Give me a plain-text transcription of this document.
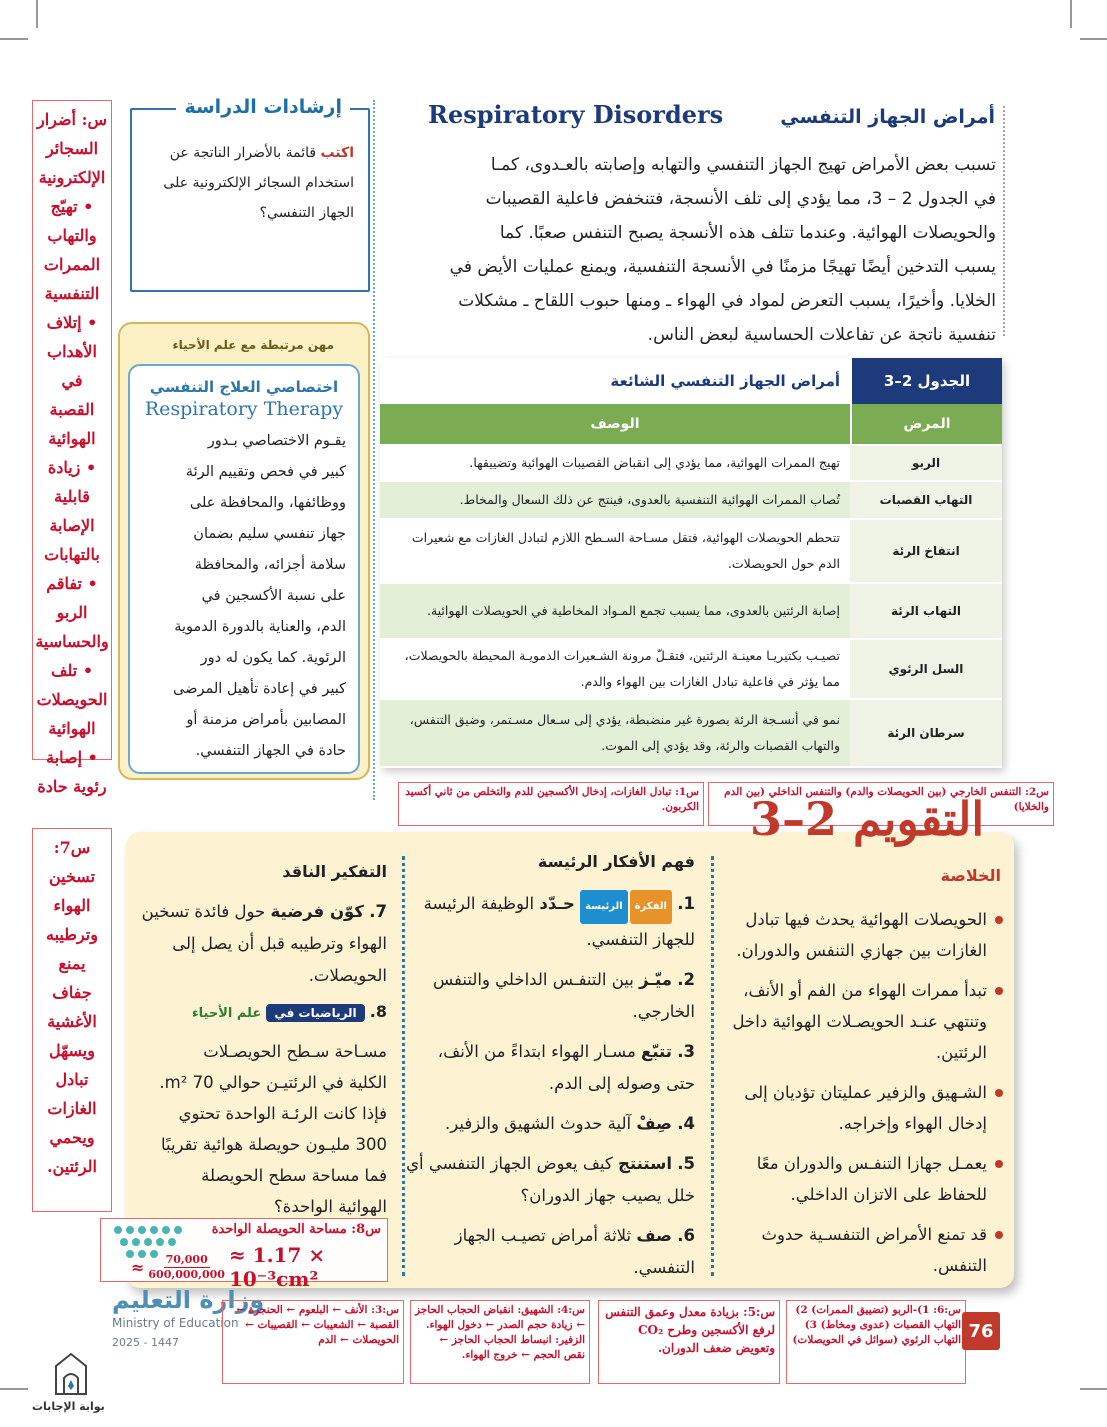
أمراض الجهاز التنفسي
Respiratory Disorders
تسبب بعض الأمراض تهيج الجهاز التنفسي والتهابه وإصابته بالعـدوى، كمـا
في الجدول 2 – 3، مما يؤدي إلى تلف الأنسجة، فتنخفض فاعلية القصيبات
والحويصلات الهوائية. وعندما تتلف هذه الأنسجة يصبح التنفس صعبًا. كما
يسبب التدخين أيضًا تهيجًا مزمنًا في الأنسجة التنفسية، ويمنع عمليات الأيض في
الخلايا. وأخيرًا، يسبب التعرض لمواد في الهواء ـ ومنها حبوب اللقاح ـ مشكلات
تنفسية ناتجة عن تفاعلات الحساسية لبعض الناس.
إرشادات الدراسة
اكتب قائمة بالأضرار الناتجة عن
استخدام السجائر الإلكترونية على
الجهاز التنفسي؟
مهن مرتبطة مع علم الأحياء
اختصاصي العلاج التنفسي
Respiratory Therapy
يقـوم الاختصاصي بـدور
كبير في فحص وتقييم الرئة
ووظائفها، والمحافظة على
جهاز تنفسي سليم بضمان
سلامة أجزائه، والمحافظة
على نسبة الأكسجين في
الدم، والعناية بالدورة الدموية
الرئوية. كما يكون له دور
كبير في إعادة تأهيل المرضى
المصابين بأمراض مزمنة أو
حادة في الجهاز التنفسي.
س: أضرار
السجائر
الإلكترونية
• تهيّج
والتهاب
الممرات
التنفسية
• إتلاف
الأهداب في
القصبة
الهوائية
• زيادة
قابلية
الإصابة
بالتهابات
• تفاقم
الربو
والحساسية
• تلف
الحويصلات
الهوائية
• إصابة
رئوية حادة
الجدول 2–3
أمراض الجهاز التنفسي الشائعة
المرض
الوصف
الربو
تهيج الممرات الهوائية، مما يؤدي إلى انقباض القصيبات الهوائية وتضييقها.
التهاب القصبات
تُصاب الممرات الهوائية التنفسية بالعدوى، فينتج عن ذلك السعال والمخاط.
انتفاخ الرئة
تتحطم الحويصلات الهوائية، فتقل مسـاحة السـطح اللازم لتبادل الغازات مع شعيرات الدم حول الحويصلات.
التهاب الرئة
إصابة الرئتين بالعدوى، مما يسبب تجمع المـواد المخاطية في الحويصلات الهوائية.
السل الرئوي
تصيـب بكتيريـا معينـة الرئتين، فتقـلّ مرونة الشـعيرات الدمويـة المحيطة بالحويصلات، مما يؤثر في فاعلية تبادل الغازات بين الهواء والدم.
سرطان الرئة
نمو في أنسـجة الرئة بصورة غير منضبطة، يؤدي إلى سـعال مسـتمر، وضيق التنفس، والتهاب القصبات والرئة، وقد يؤدي إلى الموت.
س1: تبادل الغازات، إدخال الأكسجين للدم والتخلص من ثاني أكسيد الكربون.
س2: التنفس الخارجي (بين الحويصلات والدم) والتنفس الداخلي (بين الدم والخلايا)
التقويم 2–3
الخلاصة
الحويصلات الهوائية يحدث فيها تبادل الغازات بين جهازي التنفس والدوران.
تبدأ ممرات الهواء من الفم أو الأنف، وتنتهي عنـد الحويصـلات الهوائية داخل الرئتين.
الشـهيق والزفير عمليتان تؤديان إلى إدخال الهواء وإخراجه.
يعمـل جهازا التنفـس والدوران معًا للحفاظ على الاتزان الداخلي.
قد تمنع الأمراض التنفسـية حدوث التنفس.
فهم الأفكار الرئيسة
1. الفكرةالرئيسة حـدّد الوظيفة الرئيسة للجهاز التنفسي.
2. ميّـز بين التنفـس الداخلي والتنفس الخارجي.
3. تتبّع مسـار الهواء ابتداءً من الأنف، حتى وصوله إلى الدم.
4. صِفْ آلية حدوث الشهيق والزفير.
5. استنتج كيف يعوض الجهاز التنفسي أي خلل يصيب جهاز الدوران؟
6. صف ثلاثة أمراض تصيـب الجهاز التنفسي.
التفكير الناقد
7. كوّن فرضية حول فائدة تسخين الهواء وترطيبه قبل أن يصل إلى الحويصلات.
8. الرياضيات في علم الأحياء
مسـاحة سـطح الحويصـلات
الكلية في الرئتيـن حوالي 70 m².
فإذا كانت الرئـة الواحدة تحتوي
300 مليـون حويصلة هوائية تقريبًا
فما مساحة سطح الحويصلة
الهوائية الواحدة؟
س7:
تسخين
الهواء
وترطيبه
يمنع
جفاف
الأغشية
ويسهّل
تبادل
الغازات
ويحمي
الرئتين.
س8: مساحة الحويصلة الواحدة
≈ $\frac{70,000}{600,000,000} \approx 1.17 \times 10^{-3}cm^2$
وزارة التعليم
Ministry of Education
2025 - 1447
س:3: الأنف ← البلعوم ← الحنجرة ← القصبة ← الشعيبات ← القصيبات ← الحويصلات ← الدم
س:4: الشهيق: انقباض الحجاب الحاجز ← زيادة حجم الصدر ← دخول الهواء. الزفير: انبساط الحجاب الحاجز ← نقص الحجم ← خروج الهواء.
س:5: بزيادة معدل وعمق التنفس لرفع الأكسجين وطرح CO₂ وتعويض ضعف الدوران.
س:6: 1)-الربو (تضييق الممرات) 2) التهاب القصبات (عدوى ومخاط) 3) التهاب الرئوي (سوائل في الحويصلات) 76
بوابة الإجابات
